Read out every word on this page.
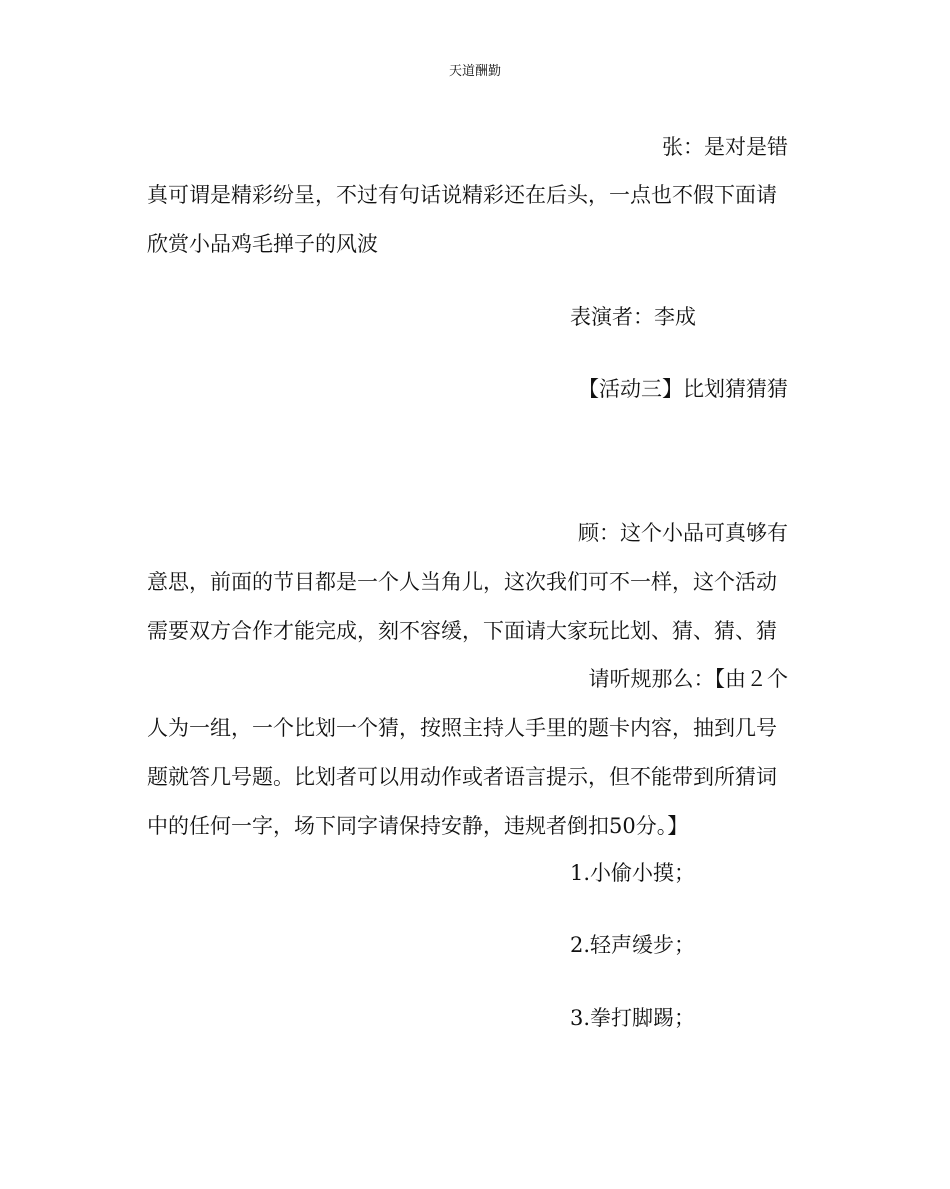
天道酬勤

张：是对是错

真可谓是精彩纷呈，不过有句话说精彩还在后头，一点也不假下面请

欣赏小品鸡毛掸子的风波

表演者：李成

【活动三】比划猜猜猜

顾：这个小品可真够有

意思，前面的节目都是一个人当角儿，这次我们可不一样，这个活动

需要双方合作才能完成，刻不容缓，下面请大家玩比划、猜、猜、猜

请听规那么：【由２个

人为一组，一个比划一个猜，按照主持人手里的题卡内容，抽到几号

题就答几号题。比划者可以用动作或者语言提示，但不能带到所猜词

中的任何一字，场下同字请保持安静，违规者倒扣50分。】

1.小偷小摸；

2.轻声缓步；

3.拳打脚踢；
